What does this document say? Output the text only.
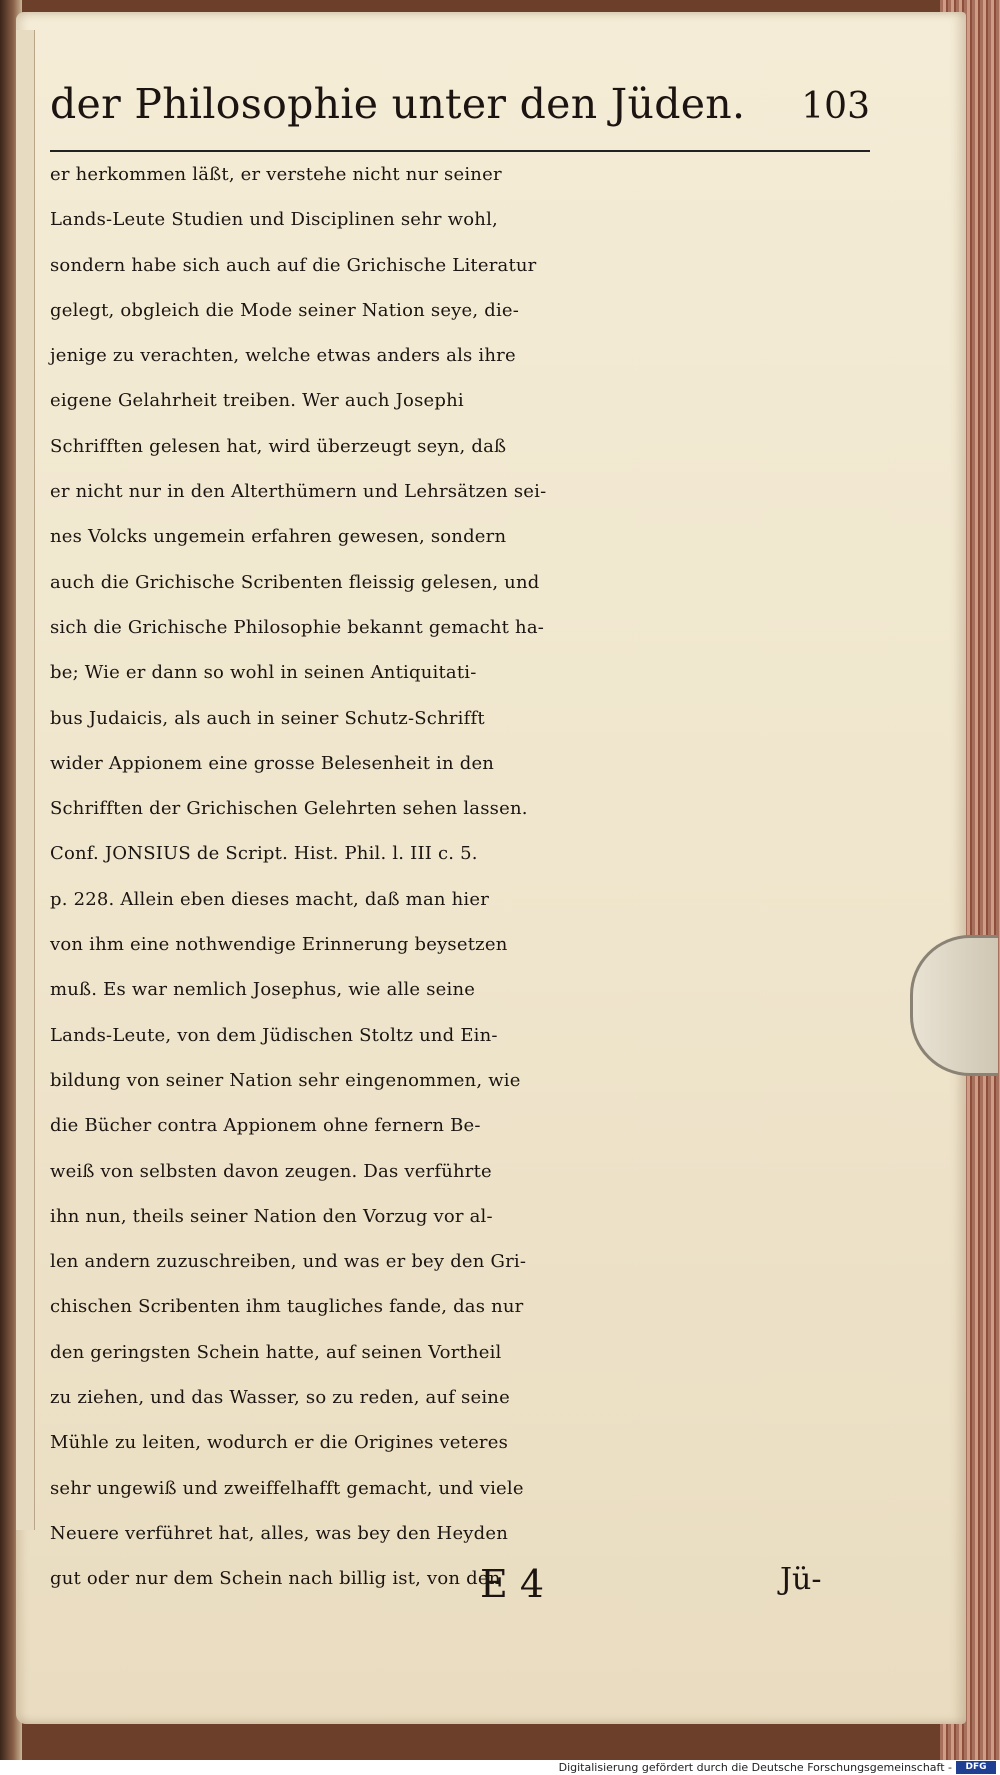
der Philosophie unter den Jüden. 103
er herkommen läßt, er verstehe nicht nur seiner
Lands-Leute Studien und Disciplinen sehr wohl,
sondern habe sich auch auf die Grichische Literatur
gelegt, obgleich die Mode seiner Nation seye, die-
jenige zu verachten, welche etwas anders als ihre
eigene Gelahrheit treiben. Wer auch Josephi
Schrifften gelesen hat, wird überzeugt seyn, daß
er nicht nur in den Alterthümern und Lehrsätzen sei-
nes Volcks ungemein erfahren gewesen, sondern
auch die Grichische Scribenten fleissig gelesen, und
sich die Grichische Philosophie bekannt gemacht ha-
be; Wie er dann so wohl in seinen Antiquitati-
bus Judaicis, als auch in seiner Schutz-Schrifft
wider Appionem eine grosse Belesenheit in den
Schrifften der Grichischen Gelehrten sehen lassen.
Conf. JONSIUS de Script. Hist. Phil. l. III c. 5.
p. 228. Allein eben dieses macht, daß man hier
von ihm eine nothwendige Erinnerung beysetzen
muß. Es war nemlich Josephus, wie alle seine
Lands-Leute, von dem Jüdischen Stoltz und Ein-
bildung von seiner Nation sehr eingenommen, wie
die Bücher contra Appionem ohne fernern Be-
weiß von selbsten davon zeugen. Das verführte
ihn nun, theils seiner Nation den Vorzug vor al-
len andern zuzuschreiben, und was er bey den Gri-
chischen Scribenten ihm taugliches fande, das nur
den geringsten Schein hatte, auf seinen Vortheil
zu ziehen, und das Wasser, so zu reden, auf seine
Mühle zu leiten, wodurch er die Origines veteres
sehr ungewiß und zweiffelhafft gemacht, und viele
Neuere verführet hat, alles, was bey den Heyden
gut oder nur dem Schein nach billig ist, von den
E 4	Jü-
Digitalisierung gefördert durch die Deutsche Forschungsgemeinschaft -	DFG
